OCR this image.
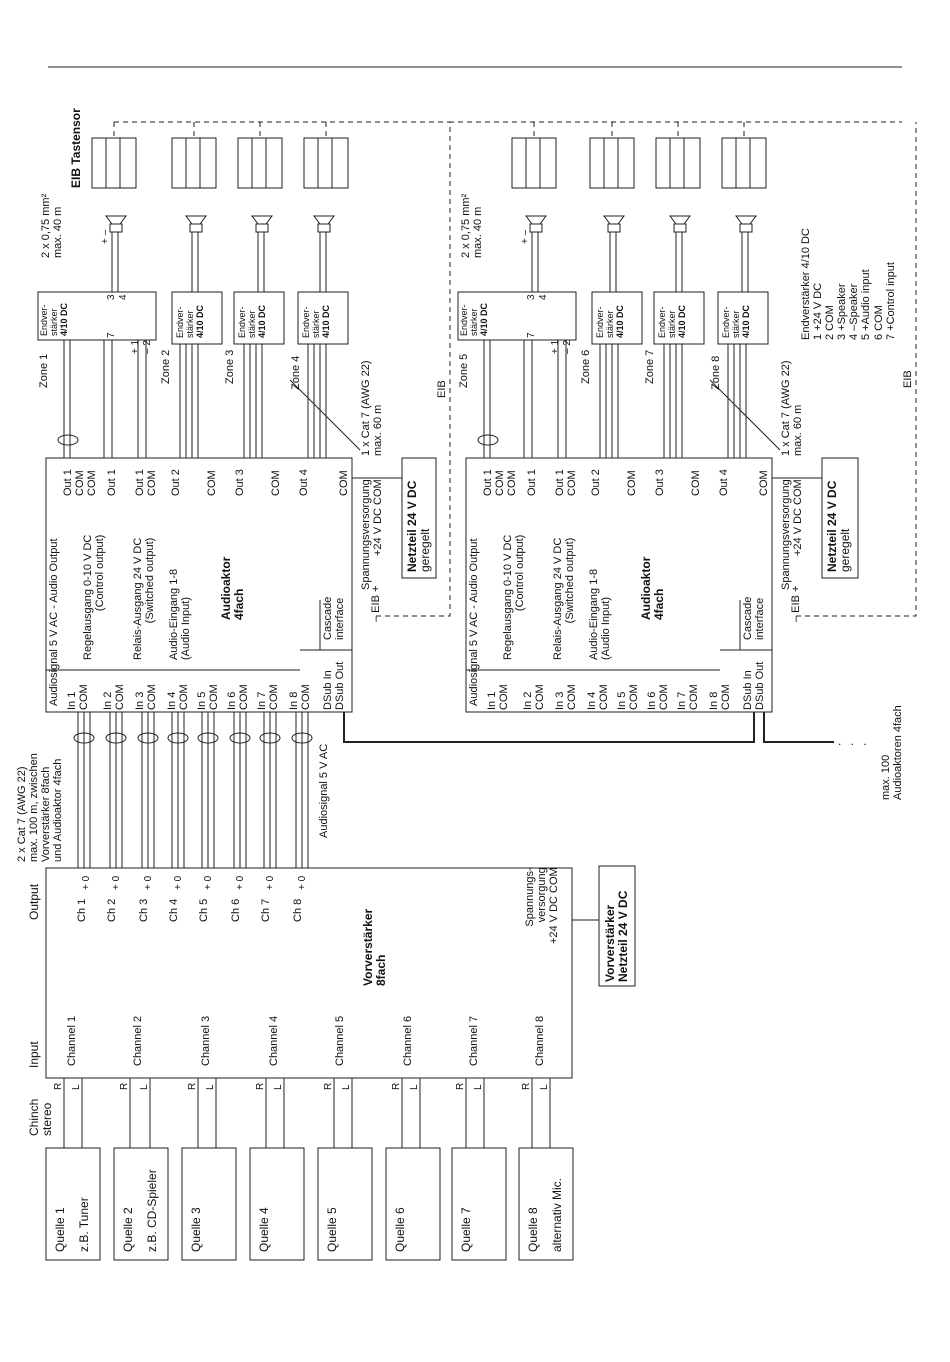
Quelle 1 z.B. Tuner	Quelle 2 z.B. CD-Spieler	Quelle 3	Quelle 4	Quelle 5	Quelle 6	Quelle 7	Quelle 8 alternativ Mic.
Chinch stereo
R L	R L	R L	R L	R L	R L	R L	R L
Input
Output
Channel 1	Channel 2	Channel 3	Channel 4	Channel 5	Channel 6	Channel 7	Channel 8
Ch 1 Ch 2 Ch 3 Ch 4 Ch 5 Ch 6 Ch 7 Ch 8
+ 0
+ 0
+ 0
+ 0
+ 0
+ 0
+ 0
+ 0
Vorverstärker 8fach
Spannungs- versorgung +24 V DC COM	Vorverstärker Netzteil 24 V DC
2 x Cat 7 (AWG 22) max. 100 m, zwischen Vorverstärker 8fach und Audioaktor 4fach	Audiosignal 5 V AC
Audiosignal 5 V AC - Audio Output Regelausgang 0-10 V DC (Control output) Relais-Ausgang 24 V DC (Switched output) Audio-Eingang 1-8 (Audio Input)
Audioaktor 4fach	Cascade interface – EIB +
Spannungsversorgung +24 V DC COM
In 1 COM In 2 COM In 3 COM In 4 COM In 5 COM In 6 COM In 7 COM In 8 COM DSub In DSub Out
Out 1 COM COM Out 1 Out 1 COM Out 2 COM Out 3 COM Out 4	COM	Netzteil 24 V DC geregelt	Audiosignal 5 V AC - Audio Output Regelausgang 0-10 V DC (Control output) Relais-Ausgang 24 V DC (Switched output) Audio-Eingang 1-8 (Audio Input)
Audioaktor 4fach	Cascade interface – EIB +
Spannungsversorgung +24 V DC COM
In 1 COM In 2 COM In 3 COM In 4 COM In 5 COM In 6 COM In 7 COM In 8 COM DSub In DSub Out
Out 1 COM COM Out 1 Out 1 COM Out 2 COM Out 3 COM Out 4	COM	Netzteil 24 V DC geregelt
Zone 1	Zone 2	Zone 3	Zone 4	Zone 5	Zone 6	Zone 7	Zone 8
1 x Cat 7 (AWG 22) max. 60 m	1 x Cat 7 (AWG 22) max. 60 m
Endver- stärker 4/10 DC	Endver- stärker 4/10 DC	Endver- stärker 4/10 DC	Endver- stärker 4/10 DC	Endver- stärker 4/10 DC	Endver- stärker 4/10 DC	Endver- stärker 4/10 DC	Endver- stärker 4/10 DC
7
+ 1
– 2
3 4
7
+ 1
– 2
3 4
+ –
+ –
2 x 0,75 mm² max. 40 m	2 x 0,75 mm² max. 40 m
EIB Tastensor
EIB
EIB
Endverstärker 4/10 DC 1 +24 V DC 2 COM 3 +Speaker 4 –Speaker 5 +Audio input 6 COM 7 +Control input
. . .
max. 100 Audioaktoren 4fach
